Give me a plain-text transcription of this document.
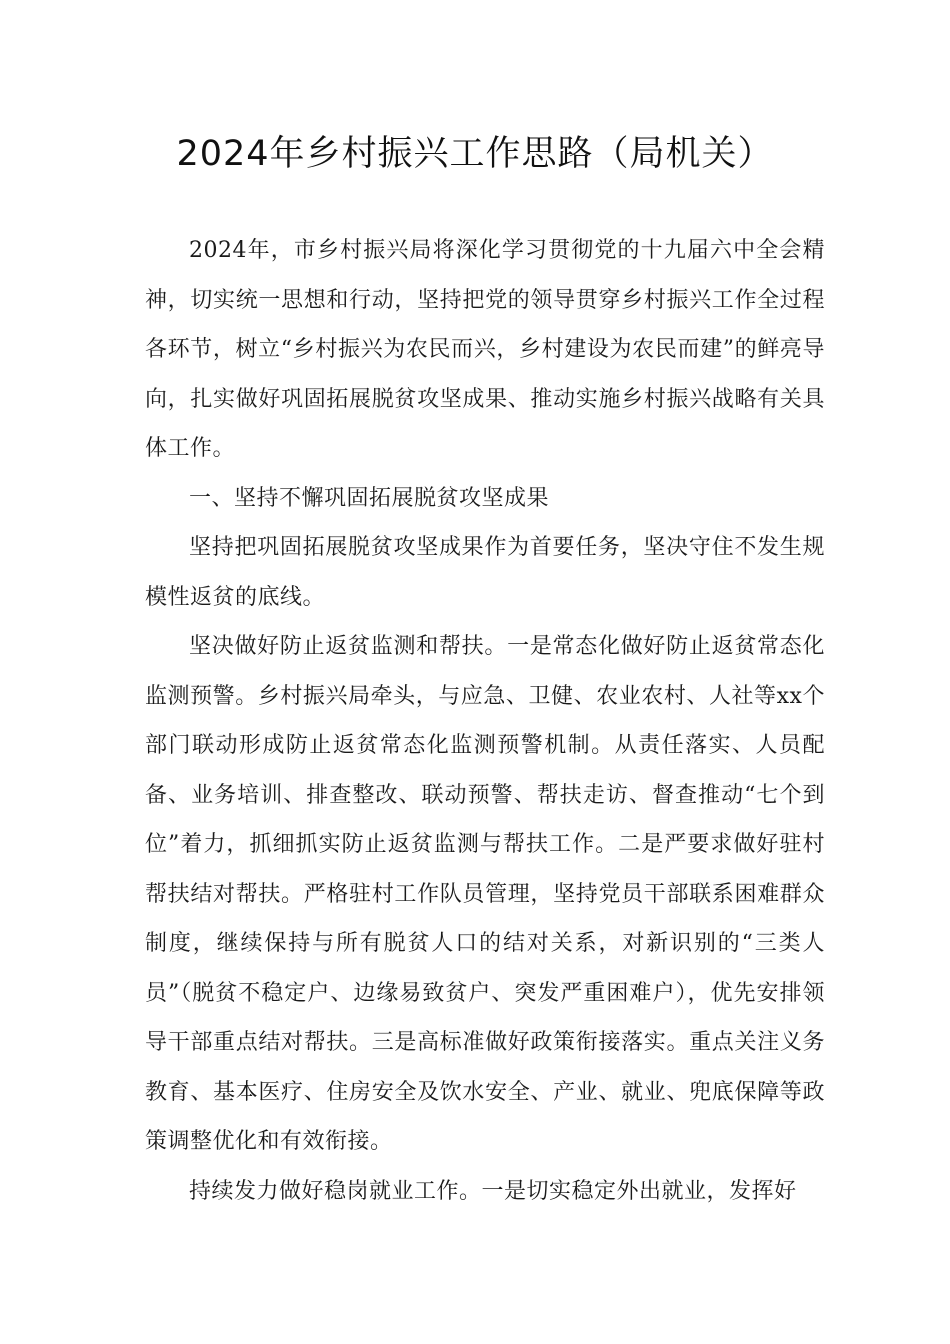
2024年乡村振兴工作思路（局机关）

2024年，市乡村振兴局将深化学习贯彻党的十九届六中全会精神，切实统一思想和行动，坚持把党的领导贯穿乡村振兴工作全过程各环节，树立“乡村振兴为农民而兴，乡村建设为农民而建”的鲜亮导向，扎实做好巩固拓展脱贫攻坚成果、推动实施乡村振兴战略有关具体工作。

一、坚持不懈巩固拓展脱贫攻坚成果

坚持把巩固拓展脱贫攻坚成果作为首要任务，坚决守住不发生规模性返贫的底线。

坚决做好防止返贫监测和帮扶。一是常态化做好防止返贫常态化监测预警。乡村振兴局牵头，与应急、卫健、农业农村、人社等xx个部门联动形成防止返贫常态化监测预警机制。从责任落实、人员配备、业务培训、排查整改、联动预警、帮扶走访、督查推动“七个到位”着力，抓细抓实防止返贫监测与帮扶工作。二是严要求做好驻村帮扶结对帮扶。严格驻村工作队员管理，坚持党员干部联系困难群众制度，继续保持与所有脱贫人口的结对关系，对新识别的“三类人员”（脱贫不稳定户、边缘易致贫户、突发严重困难户），优先安排领导干部重点结对帮扶。三是高标准做好政策衔接落实。重点关注义务教育、基本医疗、住房安全及饮水安全、产业、就业、兜底保障等政策调整优化和有效衔接。

持续发力做好稳岗就业工作。一是切实稳定外出就业，发挥好
